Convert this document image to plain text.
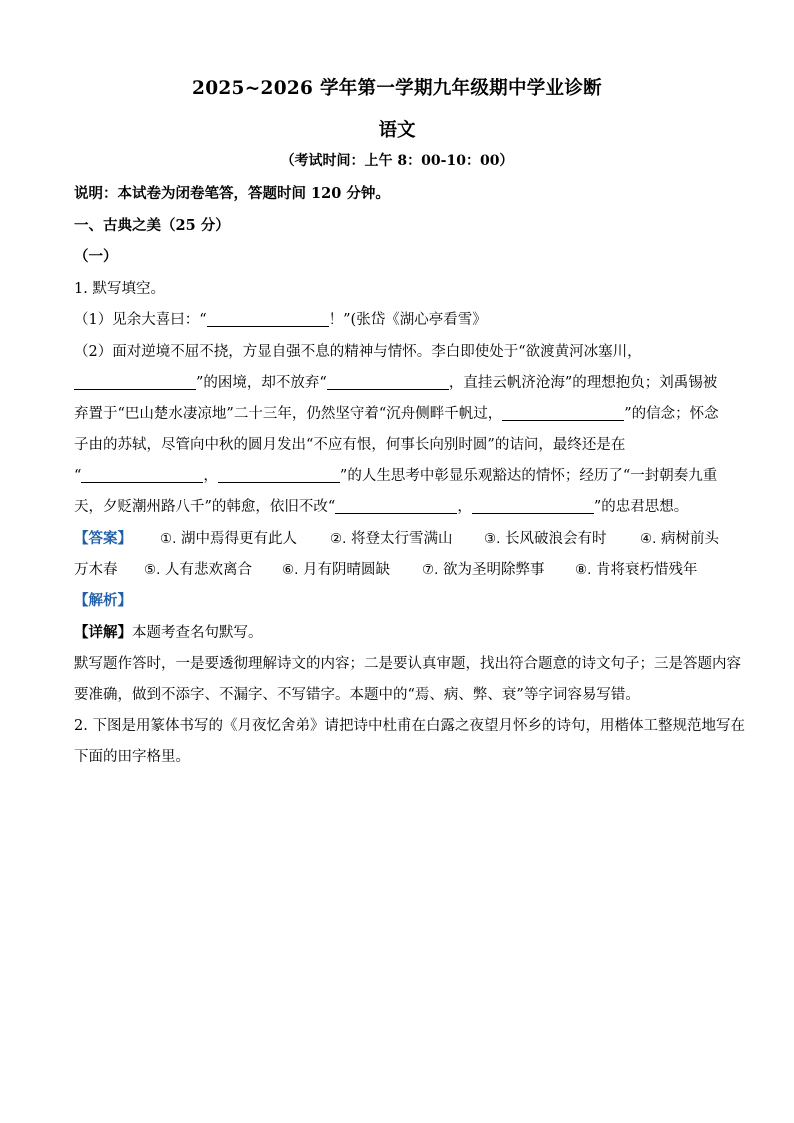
2025~2026 学年第一学期九年级期中学业诊断
语文
（考试时间：上午 8：00-10：00）
说明：本试卷为闭卷笔答，答题时间 120 分钟。
一、古典之美（25 分）
（一）
1. 默写填空。
（1）见余大喜曰：“	！”(张岱《湖心亭看雪》
（2）面对逆境不屈不挠，方显自强不息的精神与情怀。李白即使处于“欲渡黄河冰塞川，
”的困境，却不放弃“	，直挂云帆济沧海”的理想抱负；刘禹锡被
弃置于“巴山楚水凄凉地”二十三年，仍然坚守着“沉舟侧畔千帆过，	”的信念；怀念
子由的苏轼，尽管向中秋的圆月发出“不应有恨，何事长向别时圆”的诘问，最终还是在
“	，	”的人生思考中彰显乐观豁达的情怀；经历了“一封朝奏九重
天，夕贬潮州路八千”的韩愈，依旧不改“	，	”的忠君思想。
【答案】 ①. 湖中焉得更有此人 ②. 将登太行雪满山 ③. 长风破浪会有时 ④. 病树前头
万木春 ⑤. 人有悲欢离合 ⑥. 月有阴晴圆缺 ⑦. 欲为圣明除弊事 ⑧. 肯将衰朽惜残年
【解析】
【详解】本题考查名句默写。
默写题作答时，一是要透彻理解诗文的内容；二是要认真审题，找出符合题意的诗文句子；三是答题内容
要准确，做到不添字、不漏字、不写错字。本题中的“焉、病、弊、衰”等字词容易写错。
2. 下图是用篆体书写的《月夜忆舍弟》请把诗中杜甫在白露之夜望月怀乡的诗句，用楷体工整规范地写在
下面的田字格里。
